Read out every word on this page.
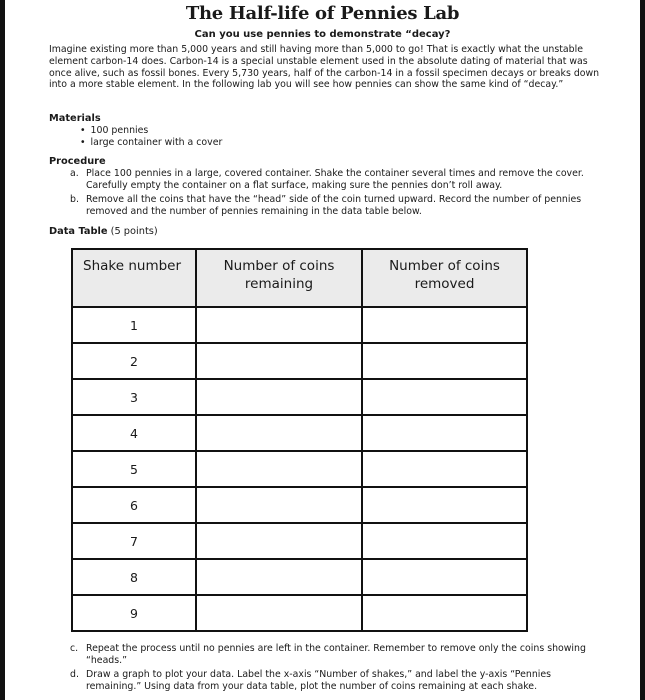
The Half-life of Pennies Lab
Can you use pennies to demonstrate “decay?
Imagine existing more than 5,000 years and still having more than 5,000 to go! That is exactly what the unstable element carbon-14 does. Carbon-14 is a special unstable element used in the absolute dating of material that was once alive, such as fossil bones. Every 5,730 years, half of the carbon-14 in a fossil specimen decays or breaks down into a more stable element. In the following lab you will see how pennies can show the same kind of “decay.”
Materials
• 100 pennies
• large container with a cover
Procedure
a. Place 100 pennies in a large, covered container. Shake the container several times and remove the cover. Carefully empty the container on a flat surface, making sure the pennies don’t roll away.
b. Remove all the coins that have the “head” side of the coin turned upward. Record the number of pennies removed and the number of pennies remaining in the data table below.
Data Table (5 points)
Shake number	Number of coins remaining	Number of coins removed
1		
2		
3		
4		
5		
6		
7		
8		
9		
c. Repeat the process until no pennies are left in the container. Remember to remove only the coins showing “heads.”
d. Draw a graph to plot your data. Label the x-axis “Number of shakes,” and label the y-axis “Pennies remaining.” Using data from your data table, plot the number of coins remaining at each shake.
